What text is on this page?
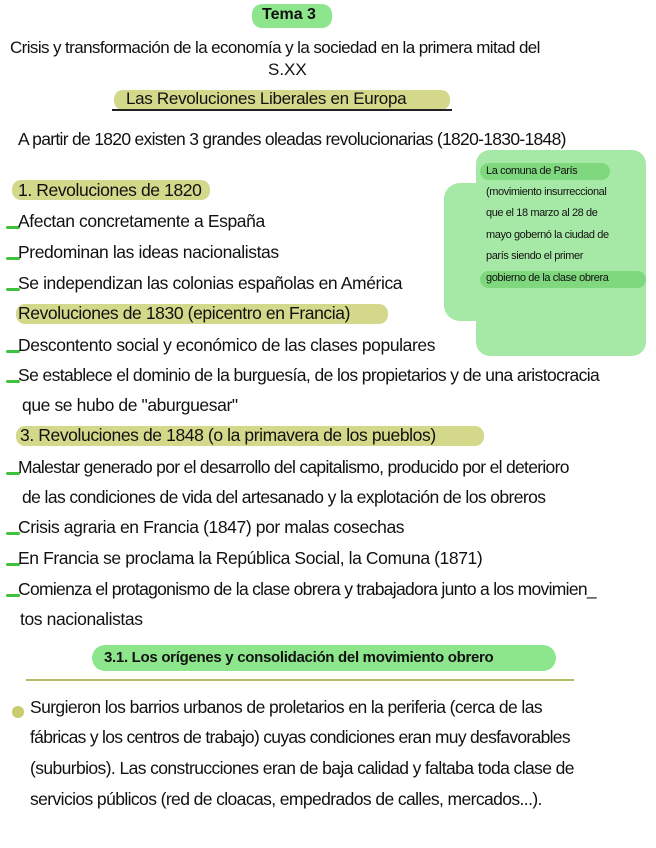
Tema 3
Crisis y transformación de la economía y la sociedad en la primera mitad del
S.XX
Las Revoluciones Liberales en Europa
A partir de 1820 existen 3 grandes oleadas revolucionarias (1820-1830-1848)
La comuna de París
(movimiento insurreccional
que el 18 marzo al 28 de
mayo gobernó la ciudad de
parís siendo el primer
gobierno de la clase obrera
1. Revoluciones de 1820
Afectan concretamente a España
Predominan las ideas nacionalistas
Se independizan las colonias españolas en América
Revoluciones de 1830 (epicentro en Francia)
Descontento social y económico de las clases populares
Se establece el dominio de la burguesía, de los propietarios y de una aristocracia
que se hubo de "aburguesar"
3. Revoluciones de 1848 (o la primavera de los pueblos)
Malestar generado por el desarrollo del capitalismo, producido por el deterioro
de las condiciones de vida del artesanado y la explotación de los obreros
Crisis agraria en Francia (1847) por malas cosechas
En Francia se proclama la República Social, la Comuna (1871)
Comienza el protagonismo de la clase obrera y trabajadora junto a los movimien_
tos nacionalistas
3.1. Los orígenes y consolidación del movimiento obrero
Surgieron los barrios urbanos de proletarios en la periferia (cerca de las
fábricas y los centros de trabajo) cuyas condiciones eran muy desfavorables
(suburbios). Las construcciones eran de baja calidad y faltaba toda clase de
servicios públicos (red de cloacas, empedrados de calles, mercados...).
